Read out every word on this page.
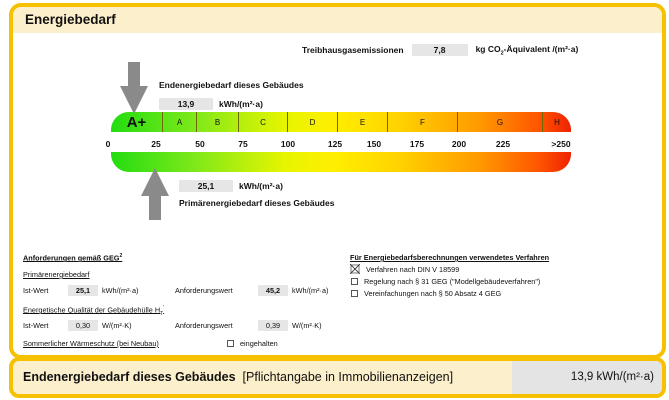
Energiebedarf
Treibhausgasemissionen	7,8	kg $CO_2$-Äquivalent /(m²·a)
Endenergiebedarf dieses Gebäudes
13,9	kWh/(m²·a)
A+	A	B	C	D	E	F	G	H
0	25	50	75	100	125	150	175	200	225	>250
25,1	kWh/(m²·a)
Primärenergiebedarf dieses Gebäudes
Anforderungen gemäß GEG$^2$
Primärenergiebedarf
Ist-Wert	25,1	kWh/(m²·a)	Anforderungswert	45,2	kWh/(m²·a)
Energetische Qualität der Gebäudehülle $H_T'$
Ist-Wert	0,30	W/(m²·K)	Anforderungswert	0,39	W/(m²·K)
Sommerlicher Wärmeschutz (bei Neubau)	eingehalten
Für Energiebedarfsberechnungen verwendetes Verfahren
Verfahren nach DIN V 18599
Regelung nach § 31 GEG ("Modellgebäudeverfahren")
Vereinfachungen nach § 50 Absatz 4 GEG
Endenergiebedarf dieses Gebäudes [Pflichtangabe in Immobilienanzeigen]	13,9 kWh/(m²·a)
